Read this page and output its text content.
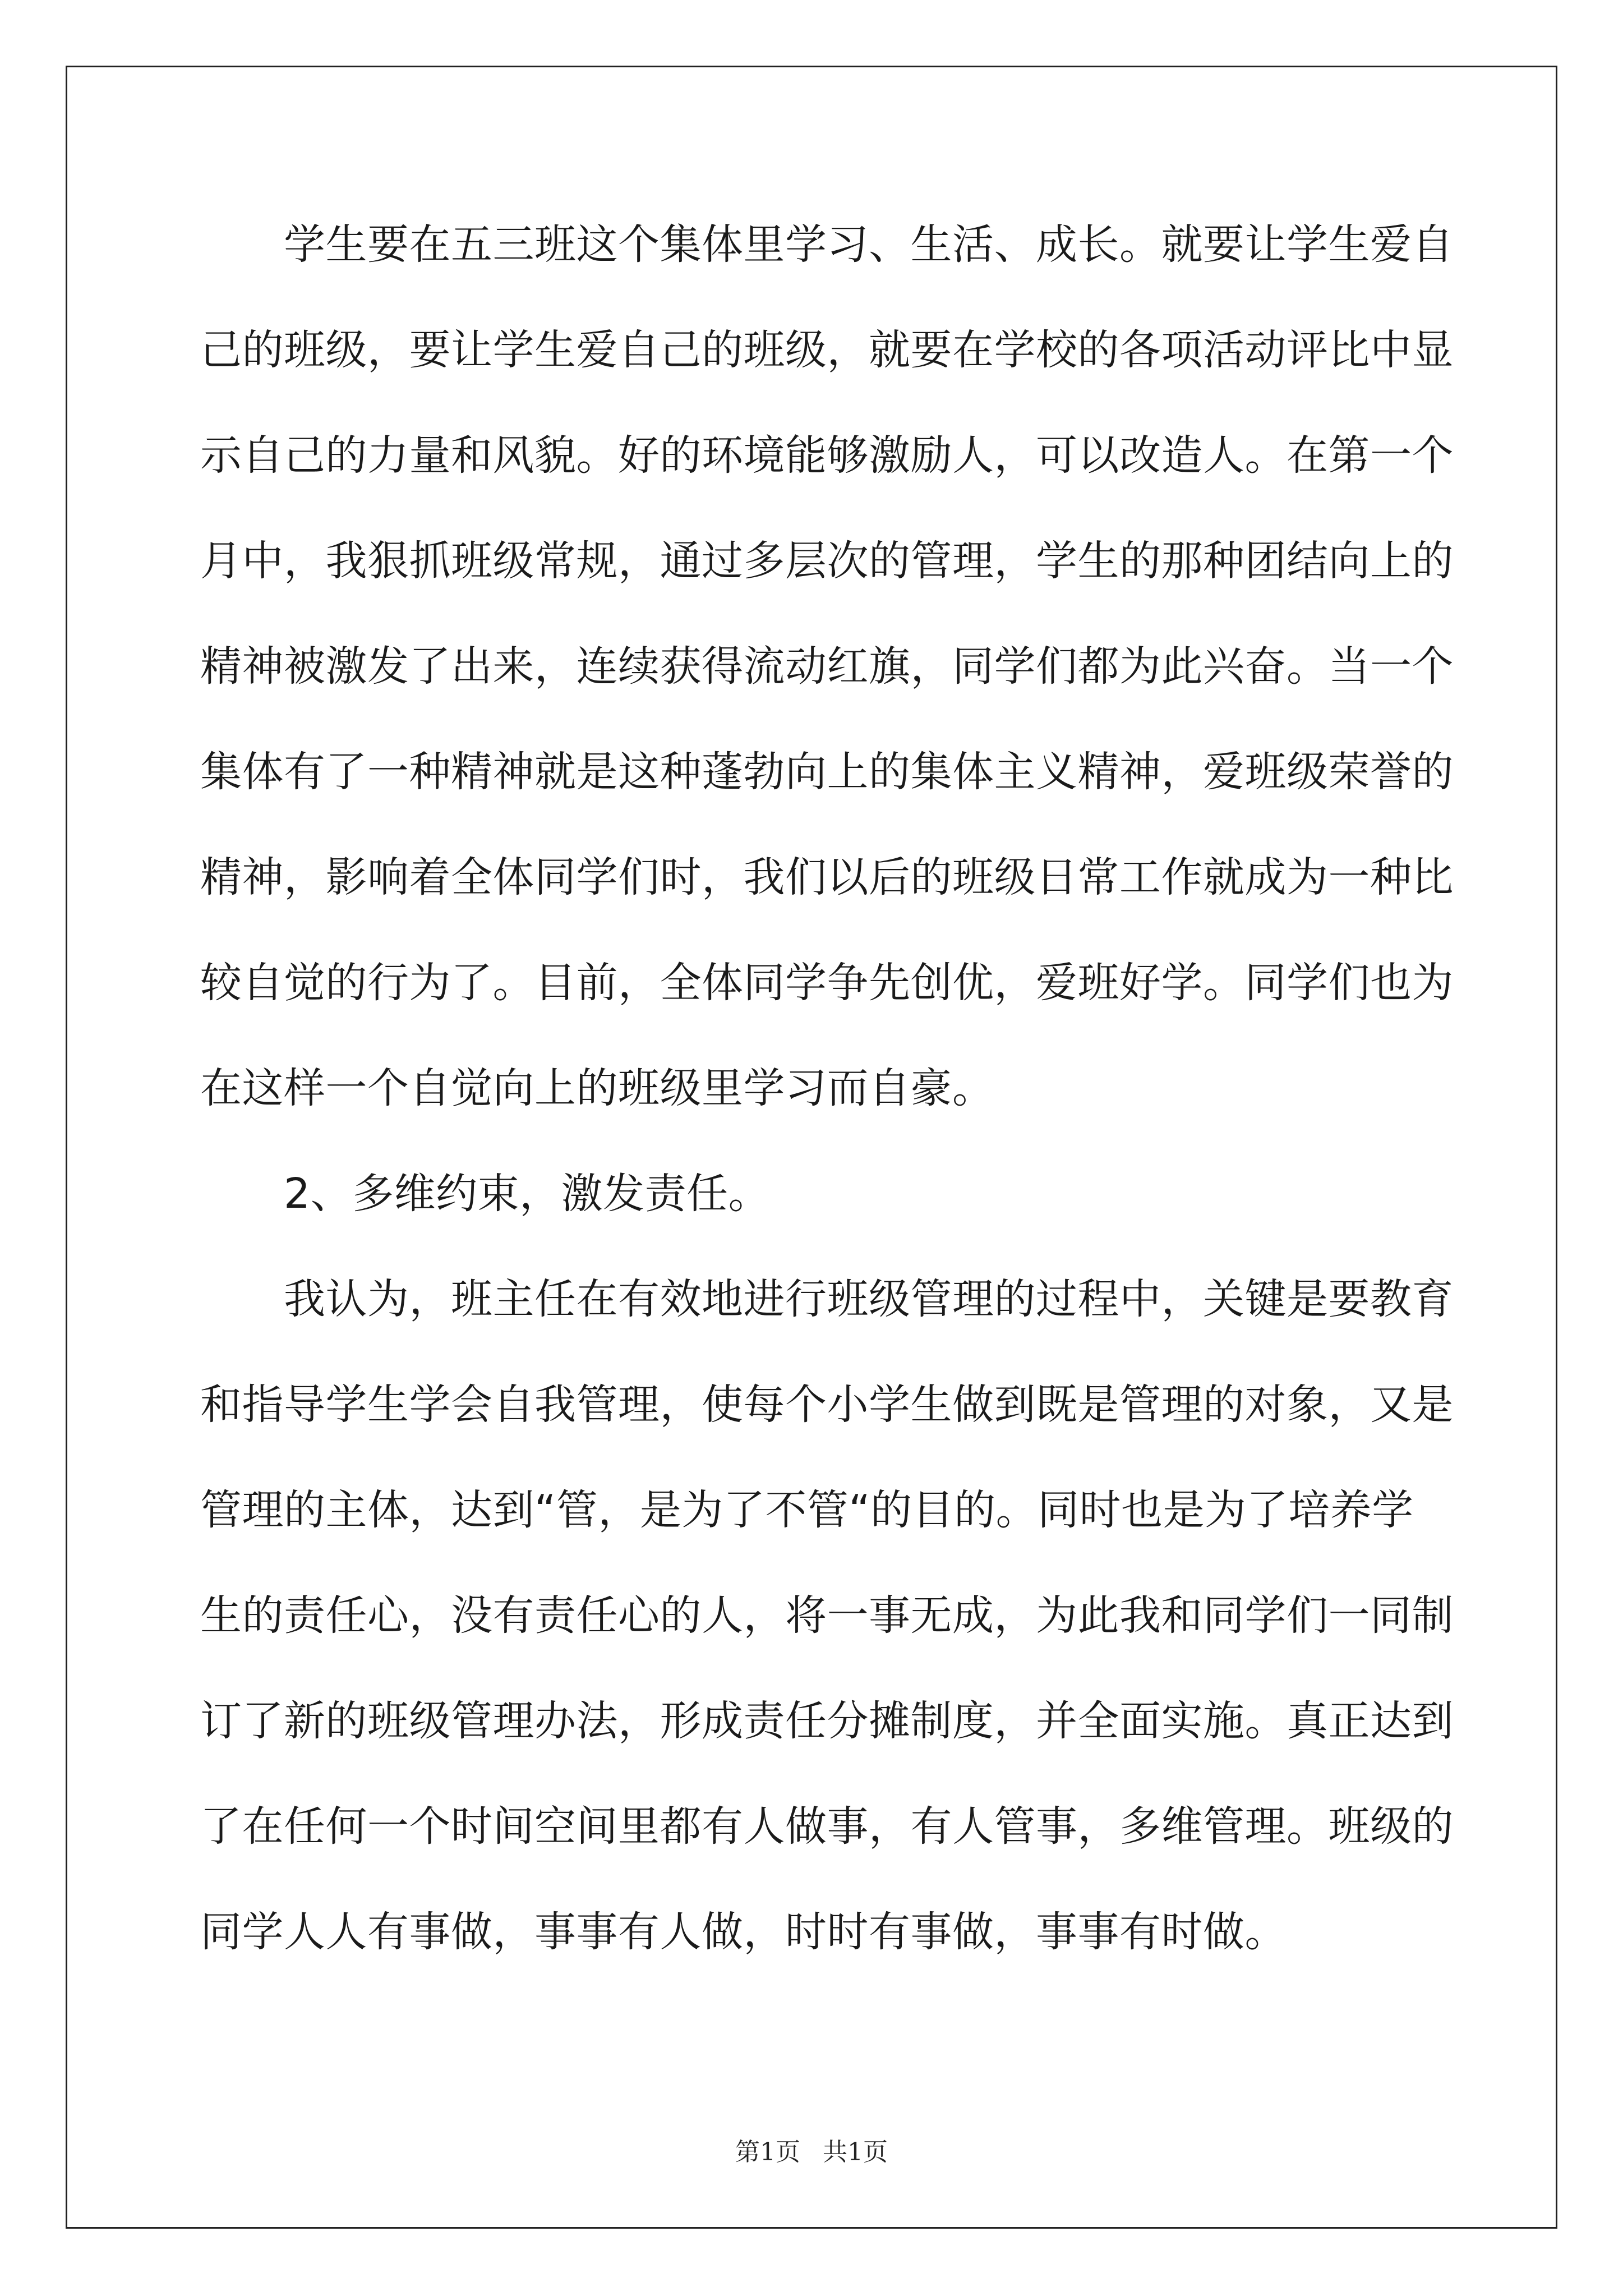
　　学生要在五三班这个集体里学习、生活、成长。就要让学生爱自
己的班级，要让学生爱自己的班级，就要在学校的各项活动评比中显
示自己的力量和风貌。好的环境能够激励人，可以改造人。在第一个
月中，我狠抓班级常规，通过多层次的管理，学生的那种团结向上的
精神被激发了出来，连续获得流动红旗，同学们都为此兴奋。当一个
集体有了一种精神就是这种蓬勃向上的集体主义精神，爱班级荣誉的
精神，影响着全体同学们时，我们以后的班级日常工作就成为一种比
较自觉的行为了。目前，全体同学争先创优，爱班好学。同学们也为
在这样一个自觉向上的班级里学习而自豪。
　　2、多维约束，激发责任。
　　我认为，班主任在有效地进行班级管理的过程中，关键是要教育
和指导学生学会自我管理，使每个小学生做到既是管理的对象，又是
管理的主体，达到“管，是为了不管“的目的。同时也是为了培养学
生的责任心，没有责任心的人，将一事无成，为此我和同学们一同制
订了新的班级管理办法，形成责任分摊制度，并全面实施。真正达到
了在任何一个时间空间里都有人做事，有人管事，多维管理。班级的
同学人人有事做，事事有人做，时时有事做，事事有时做。
第1页 共1页
